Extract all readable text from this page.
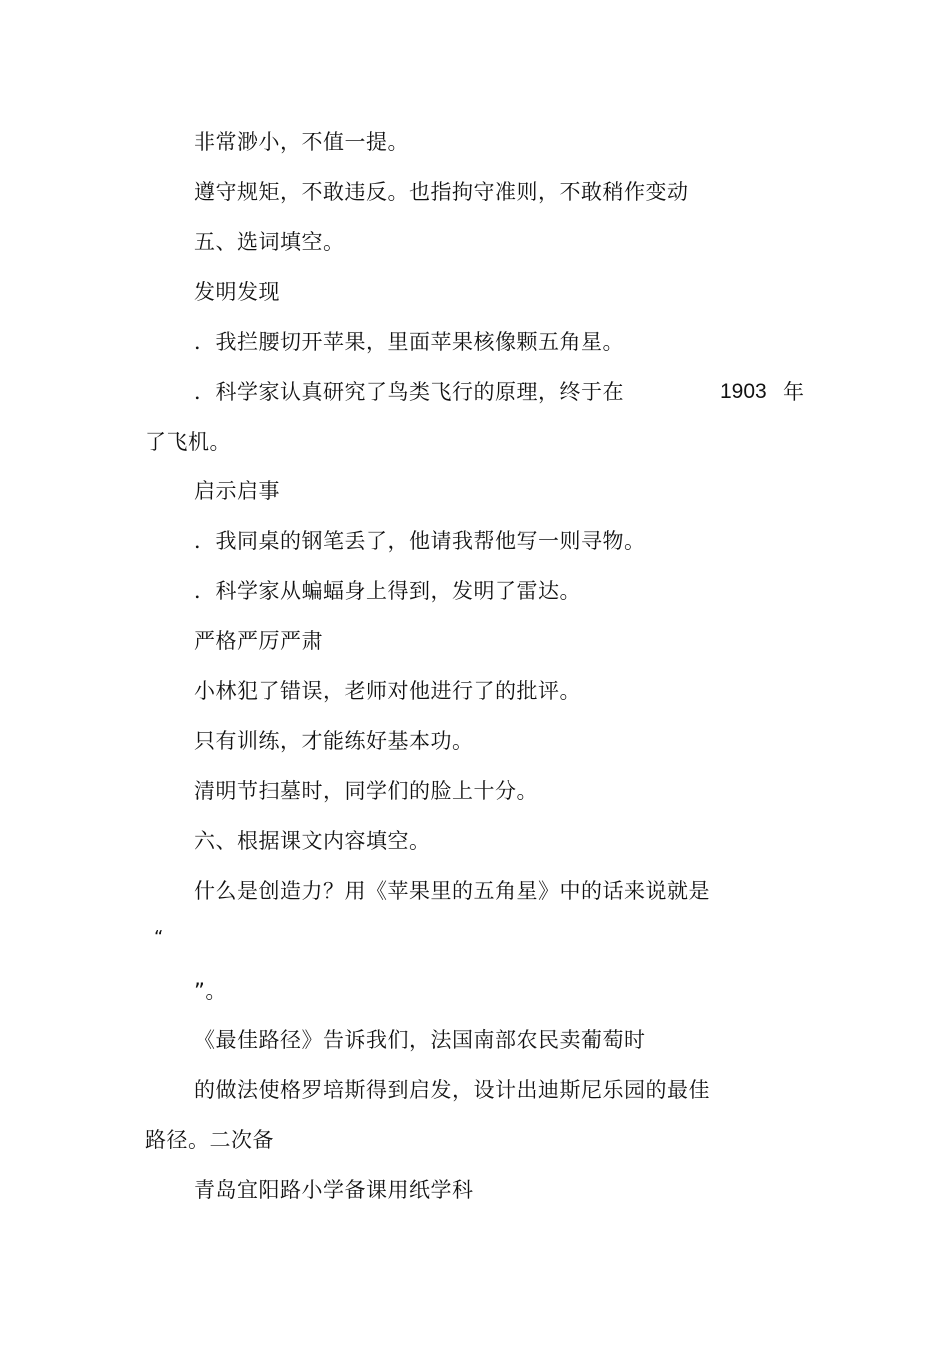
非常渺小，不值一提。
遵守规矩，不敢违反。也指拘守准则，不敢稍作变动
五、选词填空。
发明发现
．我拦腰切开苹果，里面苹果核像颗五角星。
．科学家认真研究了鸟类飞行的原理，终于在	1903 年
了飞机。
启示启事
．我同桌的钢笔丢了，他请我帮他写一则寻物。
．科学家从蝙蝠身上得到，发明了雷达。
严格严厉严肃
小林犯了错误，老师对他进行了的批评。
只有训练，才能练好基本功。
清明节扫墓时，同学们的脸上十分。
六、根据课文内容填空。
什么是创造力？用《苹果里的五角星》中的话来说就是
“
”。
《最佳路径》告诉我们，法国南部农民卖葡萄时
的做法使格罗培斯得到启发，设计出迪斯尼乐园的最佳
路径。二次备
青岛宜阳路小学备课用纸学科
